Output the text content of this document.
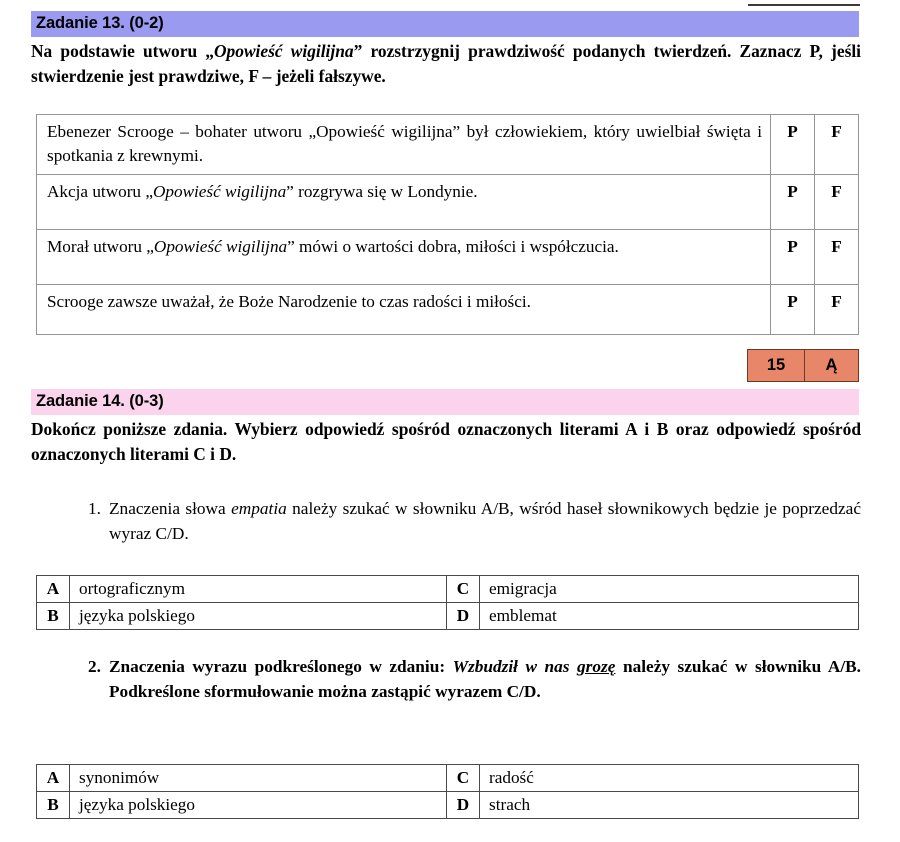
Zadanie 13. (0-2)
Na podstawie utworu „Opowieść wigilijna” rozstrzygnij prawdziwość podanych twierdzeń. Zaznacz P, jeśli stwierdzenie jest prawdziwe, F – jeżeli fałszywe.
Ebenezer Scrooge – bohater utworu „Opowieść wigilijna” był człowiekiem, który uwielbiał święta i spotkania z krewnymi.	P	F
Akcja utworu „Opowieść wigilijna” rozgrywa się w Londynie.	P	F
Morał utworu „Opowieść wigilijna” mówi o wartości dobra, miłości i współczucia.	P	F
Scrooge zawsze uważał, że Boże Narodzenie to czas radości i miłości.	P	F
15	Ą
Zadanie 14. (0-3)
Dokończ poniższe zdania. Wybierz odpowiedź spośród oznaczonych literami A i B oraz odpowiedź spośród oznaczonych literami C i D.
1. Znaczenia słowa empatia należy szukać w słowniku A/B, wśród haseł słownikowych będzie je poprzedzać wyraz C/D.
A	ortograficznym	C	emigracja
B	języka polskiego	D	emblemat
2. Znaczenia wyrazu podkreślonego w zdaniu: Wzbudził w nas grozę należy szukać w słowniku A/B. Podkreślone sformułowanie można zastąpić wyrazem C/D.
A	synonimów	C	radość
B	języka polskiego	D	strach
